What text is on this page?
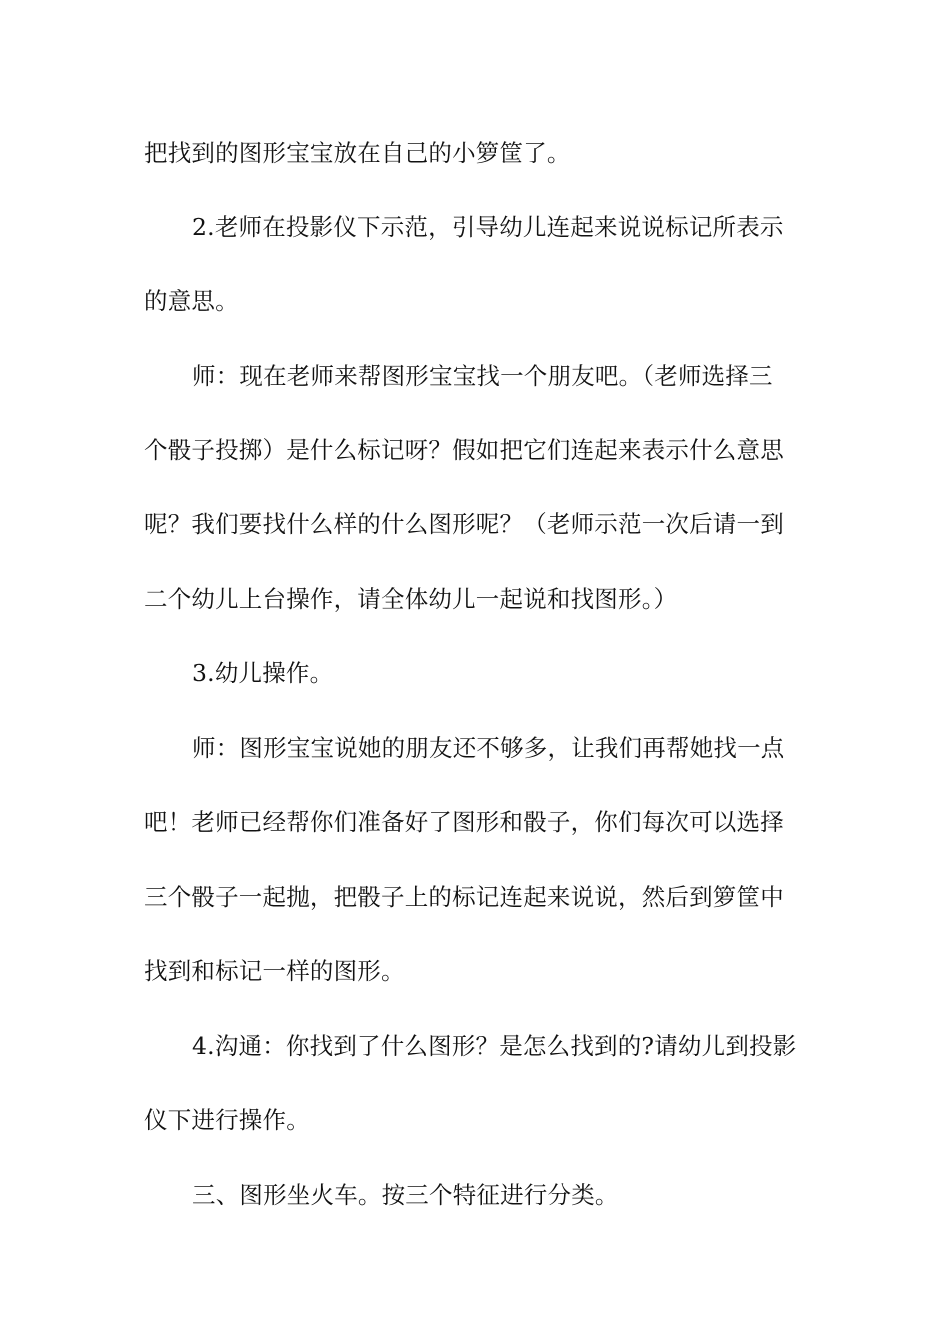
把找到的图形宝宝放在自己的小箩筐了。
2.老师在投影仪下示范，引导幼儿连起来说说标记所表示
的意思。
师：现在老师来帮图形宝宝找一个朋友吧。（老师选择三
个骰子投掷）是什么标记呀？假如把它们连起来表示什么意思
呢？我们要找什么样的什么图形呢？（老师示范一次后请一到
二个幼儿上台操作，请全体幼儿一起说和找图形。）
3.幼儿操作。
师：图形宝宝说她的朋友还不够多，让我们再帮她找一点
吧！老师已经帮你们准备好了图形和骰子，你们每次可以选择
三个骰子一起抛，把骰子上的标记连起来说说，然后到箩筐中
找到和标记一样的图形。
4.沟通：你找到了什么图形？是怎么找到的?请幼儿到投影
仪下进行操作。
三、图形坐火车。按三个特征进行分类。
